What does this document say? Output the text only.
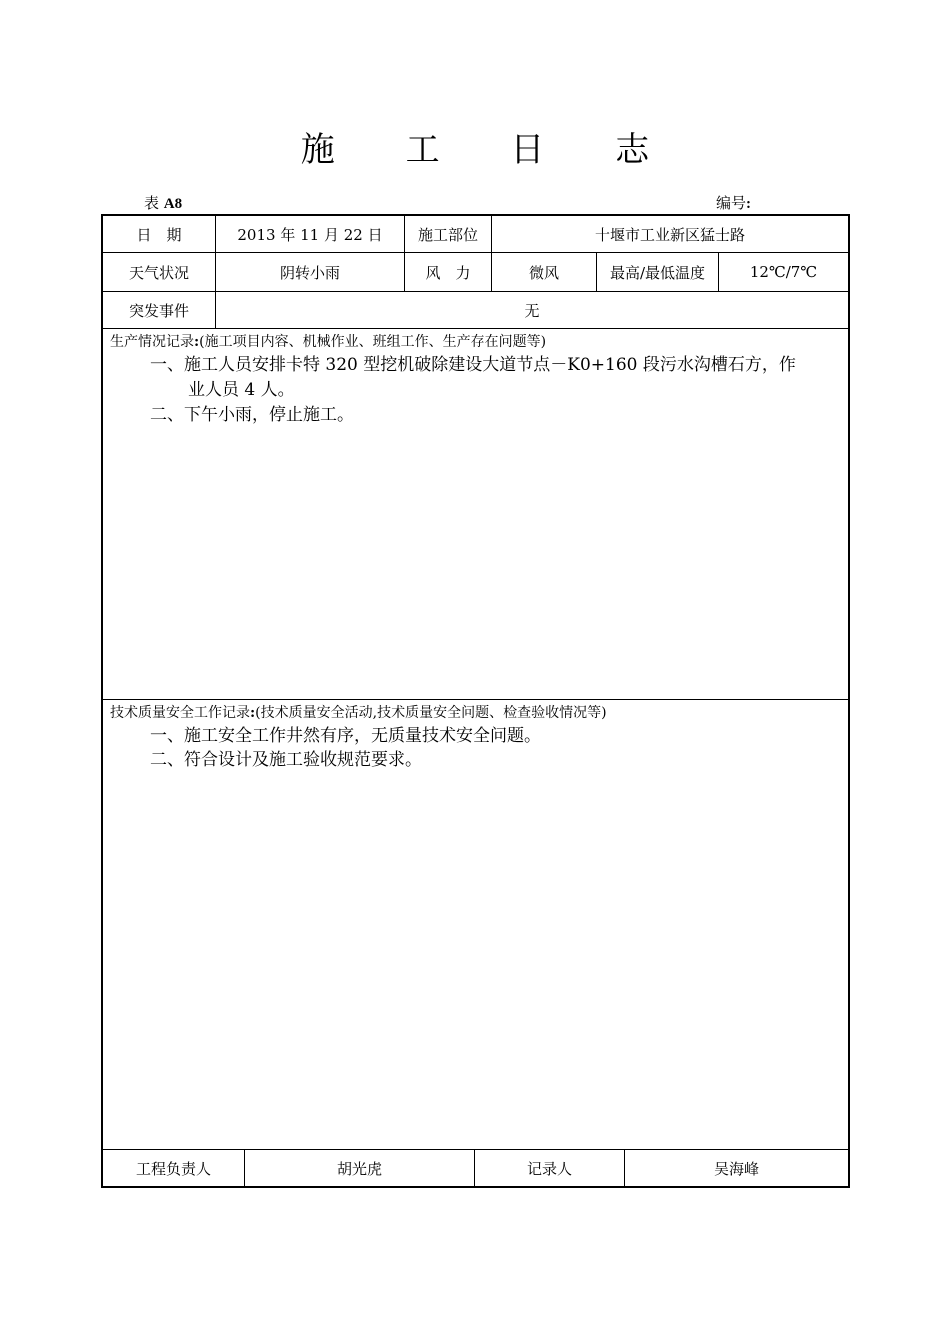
施 工 日 志
表 A8	编号:
日　期	2013 年 11 月 22 日	施工部位	十堰市工业新区猛士路
天气状况	阴转小雨	风　力	微风	最高/最低温度	12℃/7℃
突发事件	无
生产情况记录:(施工项目内容、机械作业、班组工作、生产存在问题等)
一、施工人员安排卡特 320 型挖机破除建设大道节点－K0+160 段污水沟槽石方，作
业人员 4 人。
二、下午小雨，停止施工。
技术质量安全工作记录:(技术质量安全活动,技术质量安全问题、检查验收情况等)
一、施工安全工作井然有序，无质量技术安全问题。
二、符合设计及施工验收规范要求。
工程负责人	胡光虎	记录人	吴海峰
